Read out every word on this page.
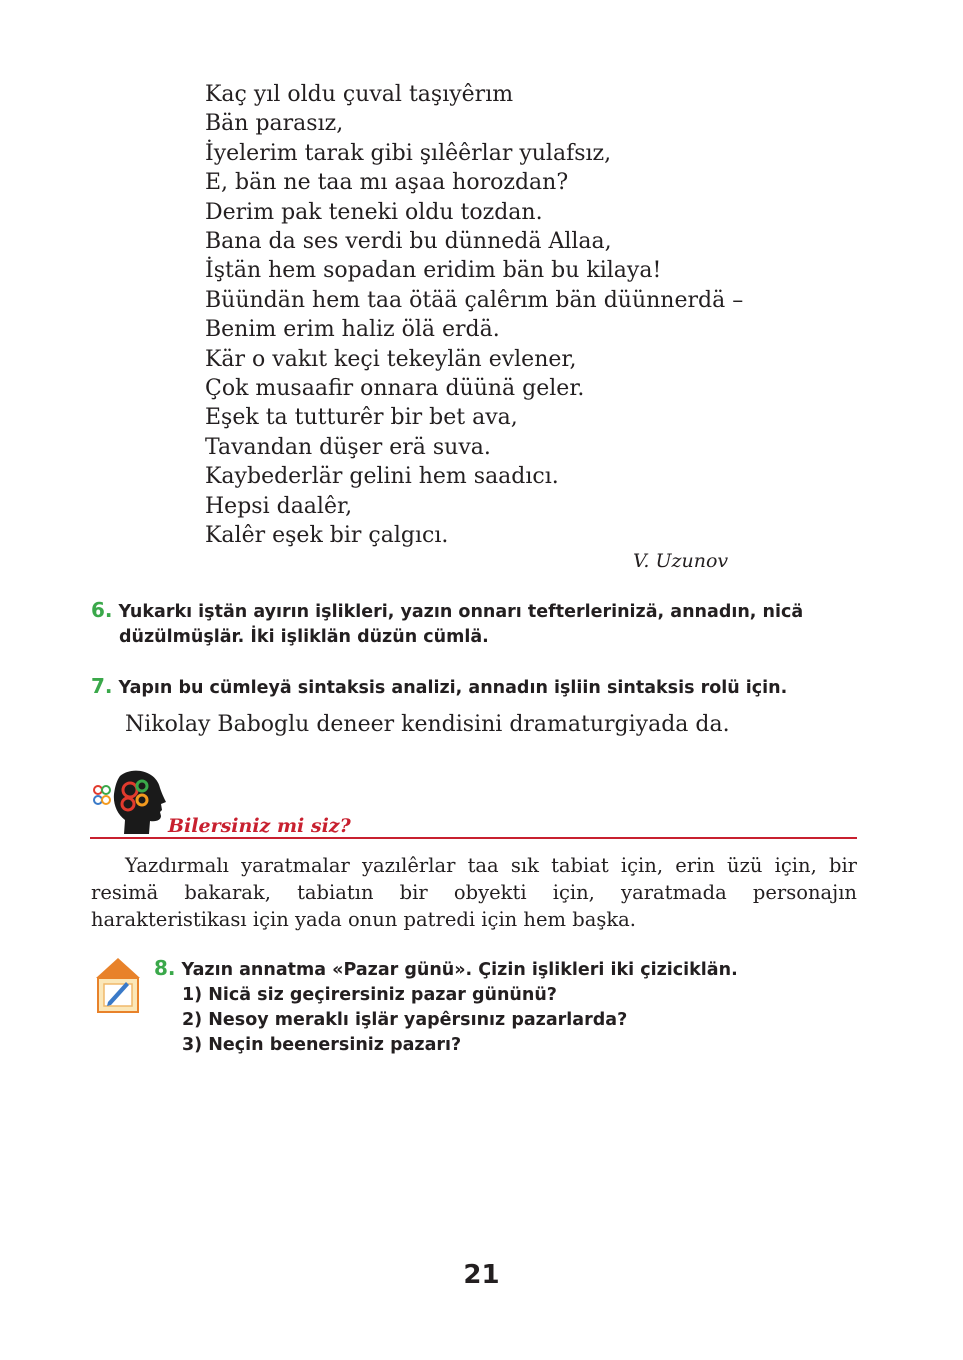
Kaç yıl oldu çuval taşıyêrım
Bän parasız,
İyelerim tarak gibi şılêêrlar yulafsız,
E, bän ne taa mı aşaa horozdan?
Derim pak teneki oldu tozdan.
Bana da ses verdi bu dünnedä Allaa,
İştän hem sopadan eridim bän bu kilaya!
Büündän hem taa ötää çalêrım bän düünnerdä –
Benim erim haliz ölä erdä.
Kär o vakıt keçi tekeylän evlener,
Çok musaafir onnara düünä geler.
Eşek ta tutturêr bir bet ava,
Tavandan düşer erä suva.
Kaybederlär gelini hem saadıcı.
Hepsi daalêr,
Kalêr eşek bir çalgıcı.
V. Uzunov
6. Yukarkı iştän ayırın işlikleri, yazın onnarı tefterlerinizä, annadın, nicä
düzülmüşlär. İki işliklän düzün cümlä.
7. Yapın bu cümleyä sintaksis analizi, annadın işliin sintaksis rolü için.
Nikolay Baboglu deneer kendisini dramaturgiyada da.
Bilersiniz mi siz?
Yazdırmalı yaratmalar yazılêrlar taa sık tabiat için, erin üzü için, bir resimä bakarak, tabiatın bir obyekti için, yaratmada personajın harakteristikası için yada onun patredi için hem başka.
8. Yazın annatma «Pazar günü». Çizin işlikleri iki çiziciklän.
1) Nicä siz geçirersiniz pazar gününü?
2) Nesoy meraklı işlär yapêrsınız pazarlarda?
3) Neçin beenersiniz pazarı?
21
